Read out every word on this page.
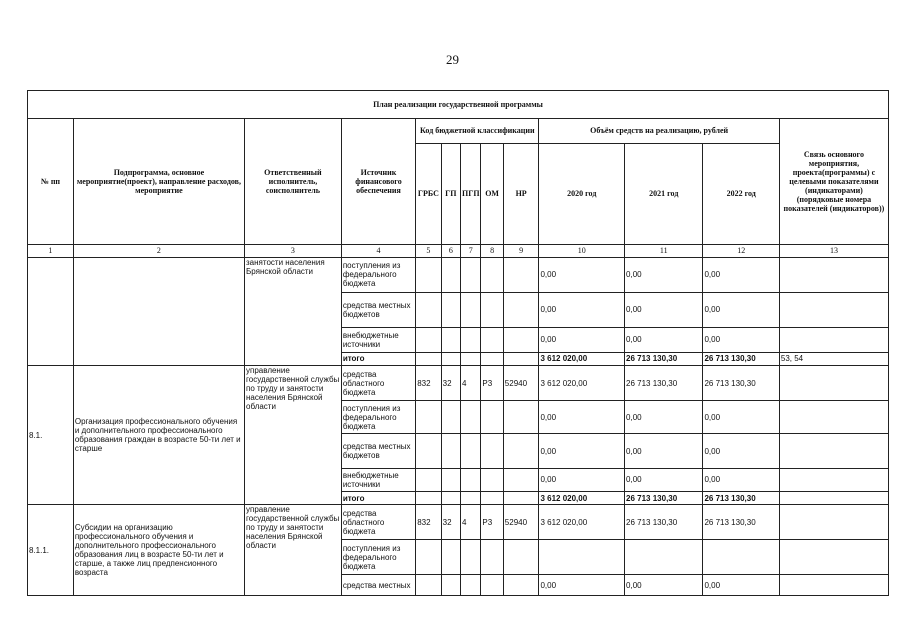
29
План реализации государственной программы												
№ пп	Подпрограмма, основное мероприятие(проект), направление расходов, мероприятие	Ответственный исполнитель, соисполнитель	Источник финансового обеспечения	Код бюджетной классификации					Объём средств на реализацию, рублей			Связь основного мероприятия, проекта(программы) с целевыми показателями (индикаторами) (порядковые номера показателей (индикаторов))
				ГРБС	ГП	ПГП	ОМ	НР	2020 год	2021 год	2022 год	
1	2	3	4	5	6	7	8	9	10	11	12	13
		занятости населения Брянской области	поступления из федерального бюджета						0,00	0,00	0,00	
			средства местных бюджетов						0,00	0,00	0,00	
			внебюджетные источники						0,00	0,00	0,00	
			итого						3 612 020,00	26 713 130,30	26 713 130,30	53, 54
8.1.	Организация профессионального обучения и дополнительного профессионального образования граждан в возрасте 50-ти лет и старше	управление государственной службы по труду и занятости населения Брянской области	средства областного бюджета	832	32	4	P3	52940	3 612 020,00	26 713 130,30	26 713 130,30	
			поступления из федерального бюджета						0,00	0,00	0,00	
			средства местных бюджетов						0,00	0,00	0,00	
			внебюджетные источники						0,00	0,00	0,00	
			итого						3 612 020,00	26 713 130,30	26 713 130,30	
8.1.1.	Субсидии на организацию профессионального обучения и дополнительного профессионального образования лиц в возрасте 50-ти лет и старше, а также лиц предпенсионного возраста	управление государственной службы по труду и занятости населения Брянской области	средства областного бюджета	832	32	4	P3	52940	3 612 020,00	26 713 130,30	26 713 130,30	
			поступления из федерального бюджета									
			средства местных						0,00	0,00	0,00	
